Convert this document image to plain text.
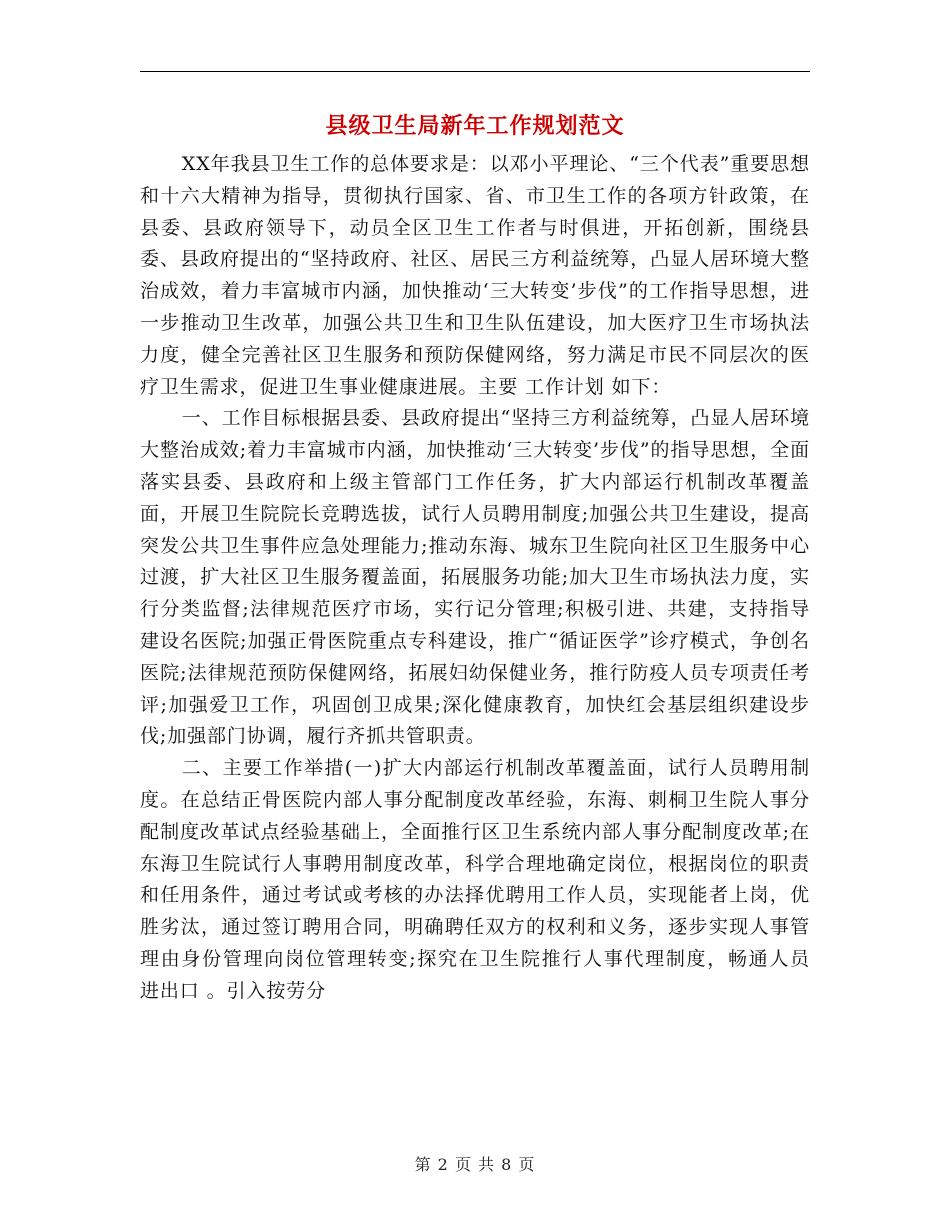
县级卫生局新年工作规划范文

XX年我县卫生工作的总体要求是：以邓小平理论、“三个代表”重要思想和十六大精神为指导，贯彻执行国家、省、市卫生工作的各项方针政策，在县委、县政府领导下，动员全区卫生工作者与时俱进，开拓创新，围绕县委、县政府提出的“坚持政府、社区、居民三方利益统筹，凸显人居环境大整治成效，着力丰富城市内涵，加快推动‘三大转变’步伐”的工作指导思想，进一步推动卫生改革，加强公共卫生和卫生队伍建设，加大医疗卫生市场执法力度，健全完善社区卫生服务和预防保健网络，努力满足市民不同层次的医疗卫生需求，促进卫生事业健康进展。主要 工作计划 如下：

一、工作目标根据县委、县政府提出“坚持三方利益统筹，凸显人居环境大整治成效;着力丰富城市内涵，加快推动‘三大转变’步伐”的指导思想，全面落实县委、县政府和上级主管部门工作任务，扩大内部运行机制改革覆盖面，开展卫生院院长竞聘选拔，试行人员聘用制度;加强公共卫生建设，提高突发公共卫生事件应急处理能力;推动东海、城东卫生院向社区卫生服务中心过渡，扩大社区卫生服务覆盖面，拓展服务功能;加大卫生市场执法力度，实行分类监督;法律规范医疗市场，实行记分管理;积极引进、共建，支持指导建设名医院;加强正骨医院重点专科建设，推广“循证医学”诊疗模式，争创名医院;法律规范预防保健网络，拓展妇幼保健业务，推行防疫人员专项责任考评;加强爱卫工作，巩固创卫成果;深化健康教育，加快红会基层组织建设步伐;加强部门协调，履行齐抓共管职责。

二、主要工作举措(一)扩大内部运行机制改革覆盖面，试行人员聘用制度。在总结正骨医院内部人事分配制度改革经验，东海、刺桐卫生院人事分配制度改革试点经验基础上，全面推行区卫生系统内部人事分配制度改革;在东海卫生院试行人事聘用制度改革，科学合理地确定岗位，根据岗位的职责和任用条件，通过考试或考核的办法择优聘用工作人员，实现能者上岗，优胜劣汰，通过签订聘用合同，明确聘任双方的权利和义务，逐步实现人事管理由身份管理向岗位管理转变;探究在卫生院推行人事代理制度，畅通人员 进出口 。引入按劳分

第 2 页 共 8 页
